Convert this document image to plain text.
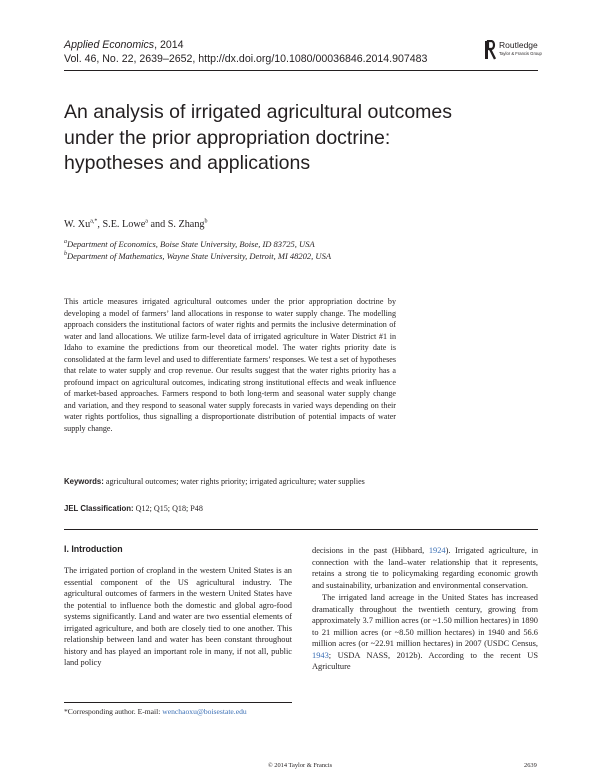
Applied Economics, 2014
Vol. 46, No. 22, 2639–2652, http://dx.doi.org/10.1080/00036846.2014.907483
Routledge
Taylor & Francis Group
An analysis of irrigated agricultural outcomes under the prior appropriation doctrine: hypotheses and applications
W. $Xu^{a,*}$, S.E. Lowe$^a$ and S. Zhang$^b$
$^a$Department of Economics, Boise State University, Boise, ID 83725, USA
$^b$Department of Mathematics, Wayne State University, Detroit, MI 48202, USA
This article measures irrigated agricultural outcomes under the prior appropriation doctrine by developing a model of farmers’ land allocations in response to water supply change. The modelling approach considers the institutional factors of water rights and permits the inclusive determination of water and land allocations. We utilize farm-level data of irrigated agriculture in Water District #1 in Idaho to examine the predictions from our theoretical model. The water rights priority date is consolidated at the farm level and used to differentiate farmers’ responses. We test a set of hypotheses that relate to water supply and crop revenue. Our results suggest that the water rights priority has a profound impact on agricultural outcomes, indicating strong institutional effects and weak influence of market-based approaches. Farmers respond to both long-term and seasonal water supply change and variation, and they respond to seasonal water supply forecasts in varied ways depending on their water rights portfolios, thus signalling a disproportionate distribution of potential impacts of water supply change.
Keywords: agricultural outcomes; water rights priority; irrigated agriculture; water supplies
JEL Classification: Q12; Q15; Q18; P48
I. Introduction
The irrigated portion of cropland in the western United States is an essential component of the US agricultural industry. The agricultural outcomes of farmers in the western United States have the potential to influence both the domestic and global agro-food systems significantly. Land and water are two essential elements of irrigated agriculture, and both are closely tied to one another. This relationship between land and water has been constant throughout history and has played an important role in many, if not all, public land policy
decisions in the past (Hibbard, 1924). Irrigated agriculture, in connection with the land–water relationship that it represents, retains a strong tie to policymaking regarding economic growth and sustainability, urbanization and environmental conservation.
The irrigated land acreage in the United States has increased dramatically throughout the twentieth century, growing from approximately 3.7 million acres (or ~1.50 million hectares) in 1890 to 21 million acres (or ~8.50 million hectares) in 1940 and 56.6 million acres (or ~22.91 million hectares) in 2007 (USDC Census, 1943; USDA NASS, 2012b). According to the recent US Agriculture
*Corresponding author. E-mail: wenchaoxu@boisestate.edu
© 2014 Taylor & Francis	2639
